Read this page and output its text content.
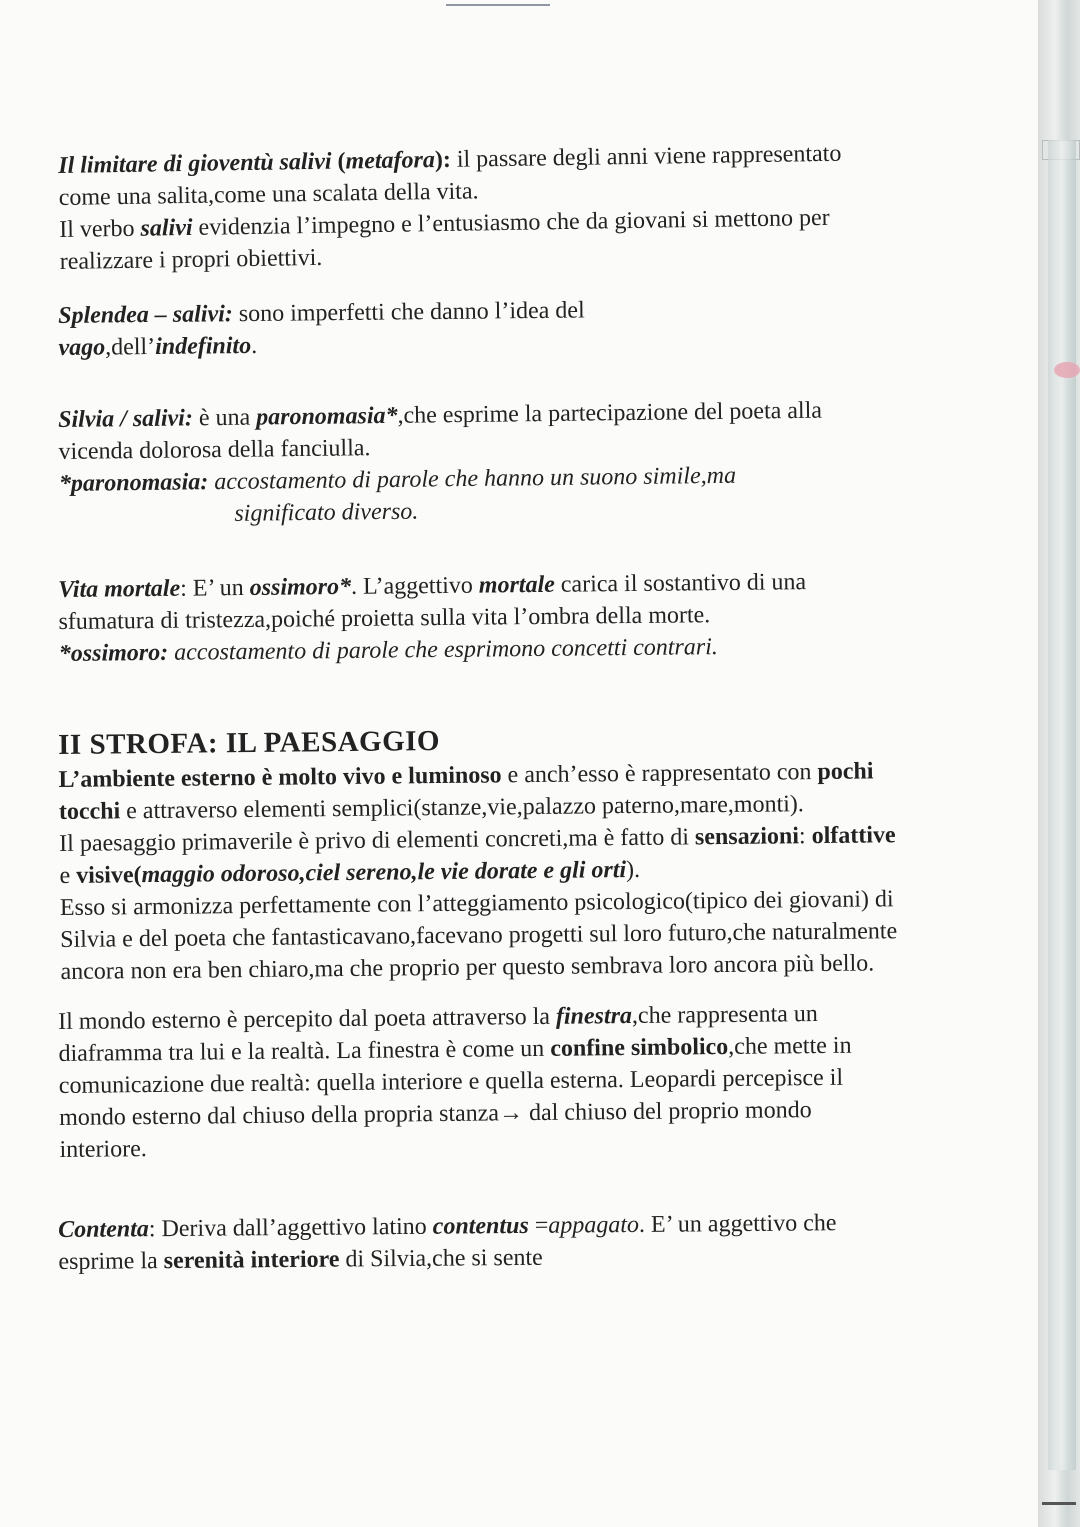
Il limitare di gioventù salivi (metafora): il passare degli anni viene rappresentato come una salita,come una scalata della vita.
Il verbo salivi evidenzia l’impegno e l’entusiasmo che da giovani si mettono per realizzare i propri obiettivi.

Splendea – salivi: sono imperfetti che danno l’idea del
vago,dell’indefinito.

Silvia / salivi: è una paronomasia*,che esprime la partecipazione del poeta alla vicenda dolorosa della fanciulla.
*paronomasia: accostamento di parole che hanno un suono simile,ma
significato diverso.

Vita mortale: E’ un ossimoro*. L’aggettivo mortale carica il sostantivo di una sfumatura di tristezza,poiché proietta sulla vita l’ombra della morte.
*ossimoro: accostamento di parole che esprimono concetti contrari.

II STROFA: IL PAESAGGIO
L’ambiente esterno è molto vivo e luminoso e anch’esso è rappresentato con pochi tocchi e attraverso elementi semplici(stanze,vie,palazzo paterno,mare,monti).
Il paesaggio primaverile è privo di elementi concreti,ma è fatto di sensazioni: olfattive e visive(maggio odoroso,ciel sereno,le vie dorate e gli orti).
Esso si armonizza perfettamente con l’atteggiamento psicologico(tipico dei giovani) di Silvia e del poeta che fantasticavano,facevano progetti sul loro futuro,che naturalmente ancora non era ben chiaro,ma che proprio per questo sembrava loro ancora più bello.

Il mondo esterno è percepito dal poeta attraverso la finestra,che rappresenta un diaframma tra lui e la realtà. La finestra è come un confine simbolico,che mette in comunicazione due realtà: quella interiore e quella esterna. Leopardi percepisce il mondo esterno dal chiuso della propria stanza→ dal chiuso del proprio mondo interiore.

Contenta: Deriva dall’aggettivo latino contentus =appagato. E’ un aggettivo che esprime la serenità interiore di Silvia,che si sente
